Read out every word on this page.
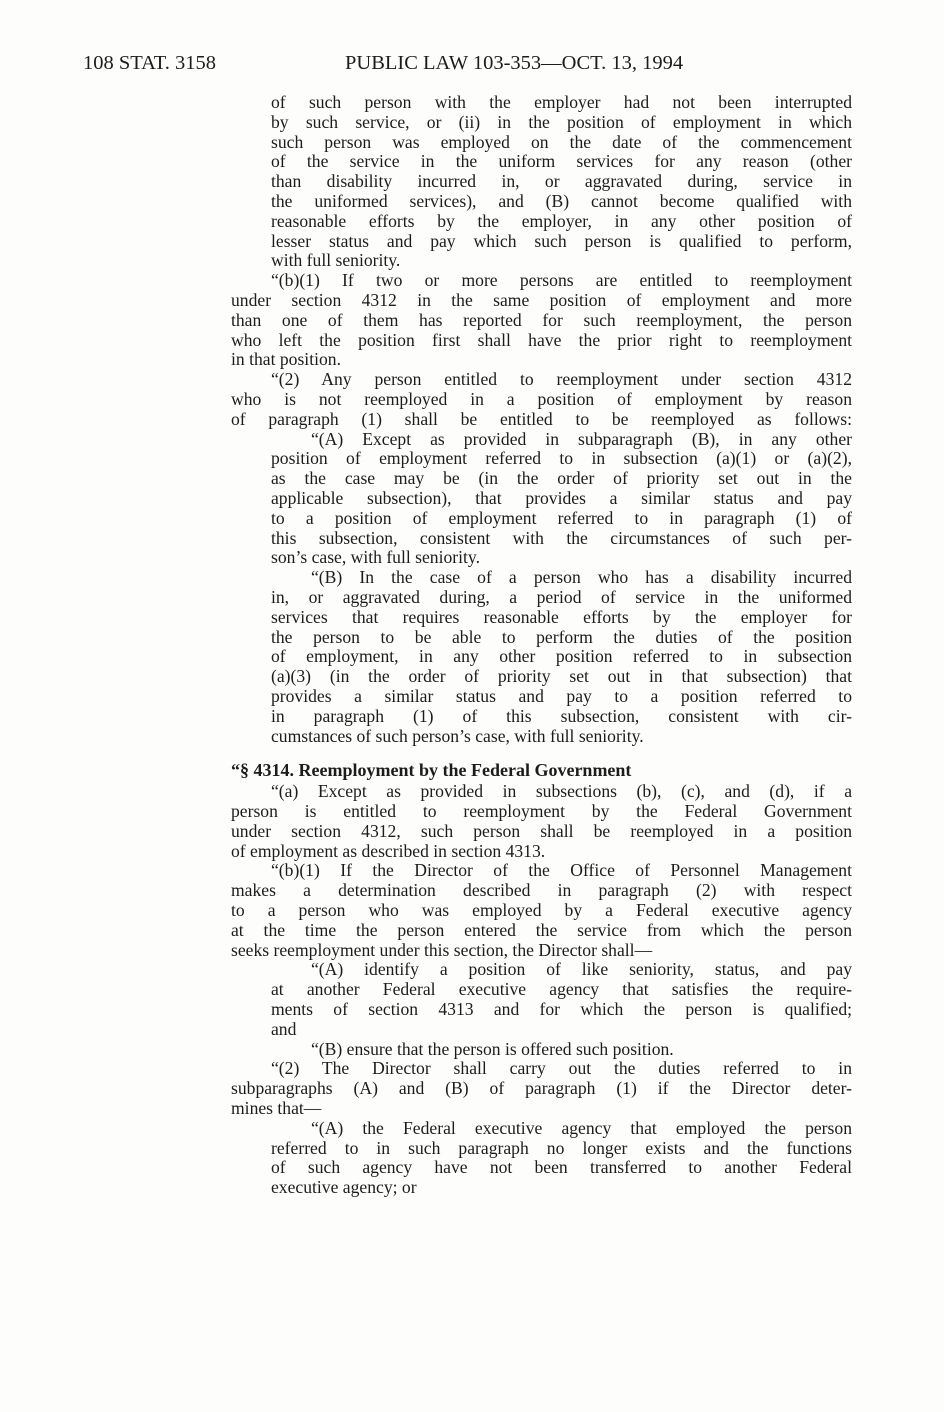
108 STAT. 3158	PUBLIC LAW 103-353—OCT. 13, 1994
of such person with the employer had not been interrupted
by such service, or (ii) in the position of employment in which
such person was employed on the date of the commencement
of the service in the uniform services for any reason (other
than disability incurred in, or aggravated during, service in
the uniformed services), and (B) cannot become qualified with
reasonable efforts by the employer, in any other position of
lesser status and pay which such person is qualified to perform,
with full seniority.
“(b)(1) If two or more persons are entitled to reemployment
under section 4312 in the same position of employment and more
than one of them has reported for such reemployment, the person
who left the position first shall have the prior right to reemployment
in that position.
“(2) Any person entitled to reemployment under section 4312
who is not reemployed in a position of employment by reason
of paragraph (1) shall be entitled to be reemployed as follows:
“(A) Except as provided in subparagraph (B), in any other
position of employment referred to in subsection (a)(1) or (a)(2),
as the case may be (in the order of priority set out in the
applicable subsection), that provides a similar status and pay
to a position of employment referred to in paragraph (1) of
this subsection, consistent with the circumstances of such per-
son’s case, with full seniority.
“(B) In the case of a person who has a disability incurred
in, or aggravated during, a period of service in the uniformed
services that requires reasonable efforts by the employer for
the person to be able to perform the duties of the position
of employment, in any other position referred to in subsection
(a)(3) (in the order of priority set out in that subsection) that
provides a similar status and pay to a position referred to
in paragraph (1) of this subsection, consistent with cir-
cumstances of such person’s case, with full seniority.
“§ 4314. Reemployment by the Federal Government
“(a) Except as provided in subsections (b), (c), and (d), if a
person is entitled to reemployment by the Federal Government
under section 4312, such person shall be reemployed in a position
of employment as described in section 4313.
“(b)(1) If the Director of the Office of Personnel Management
makes a determination described in paragraph (2) with respect
to a person who was employed by a Federal executive agency
at the time the person entered the service from which the person
seeks reemployment under this section, the Director shall—
“(A) identify a position of like seniority, status, and pay
at another Federal executive agency that satisfies the require-
ments of section 4313 and for which the person is qualified;
and
“(B) ensure that the person is offered such position.
“(2) The Director shall carry out the duties referred to in
subparagraphs (A) and (B) of paragraph (1) if the Director deter-
mines that—
“(A) the Federal executive agency that employed the person
referred to in such paragraph no longer exists and the functions
of such agency have not been transferred to another Federal
executive agency; or
